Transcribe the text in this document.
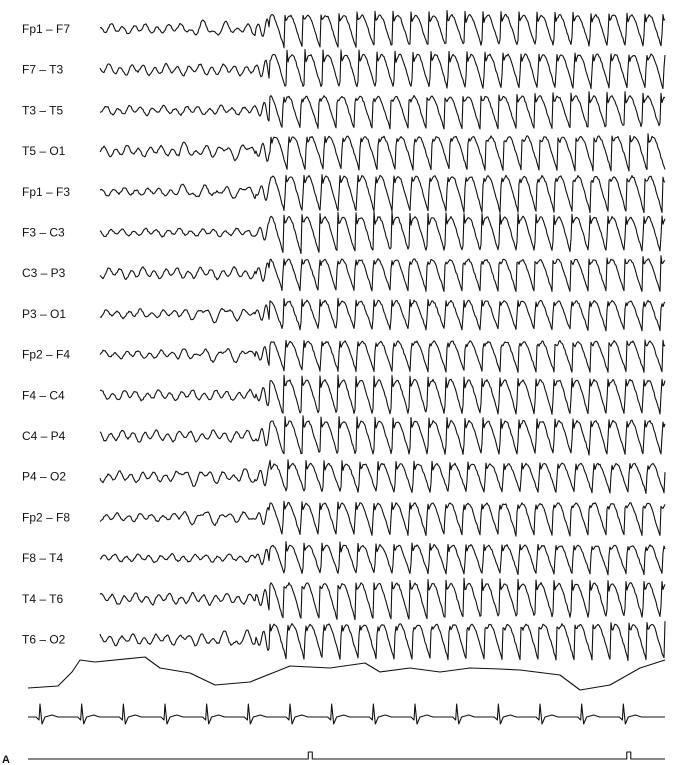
Fp1 – F7
F7 – T3
T3 – T5
T5 – O1
Fp1 – F3
F3 – C3
C3 – P3
P3 – O1
Fp2 – F4
F4 – C4
C4 – P4
P4 – O2
Fp2 – F8
F8 – T4
T4 – T6
T6 – O2
A
